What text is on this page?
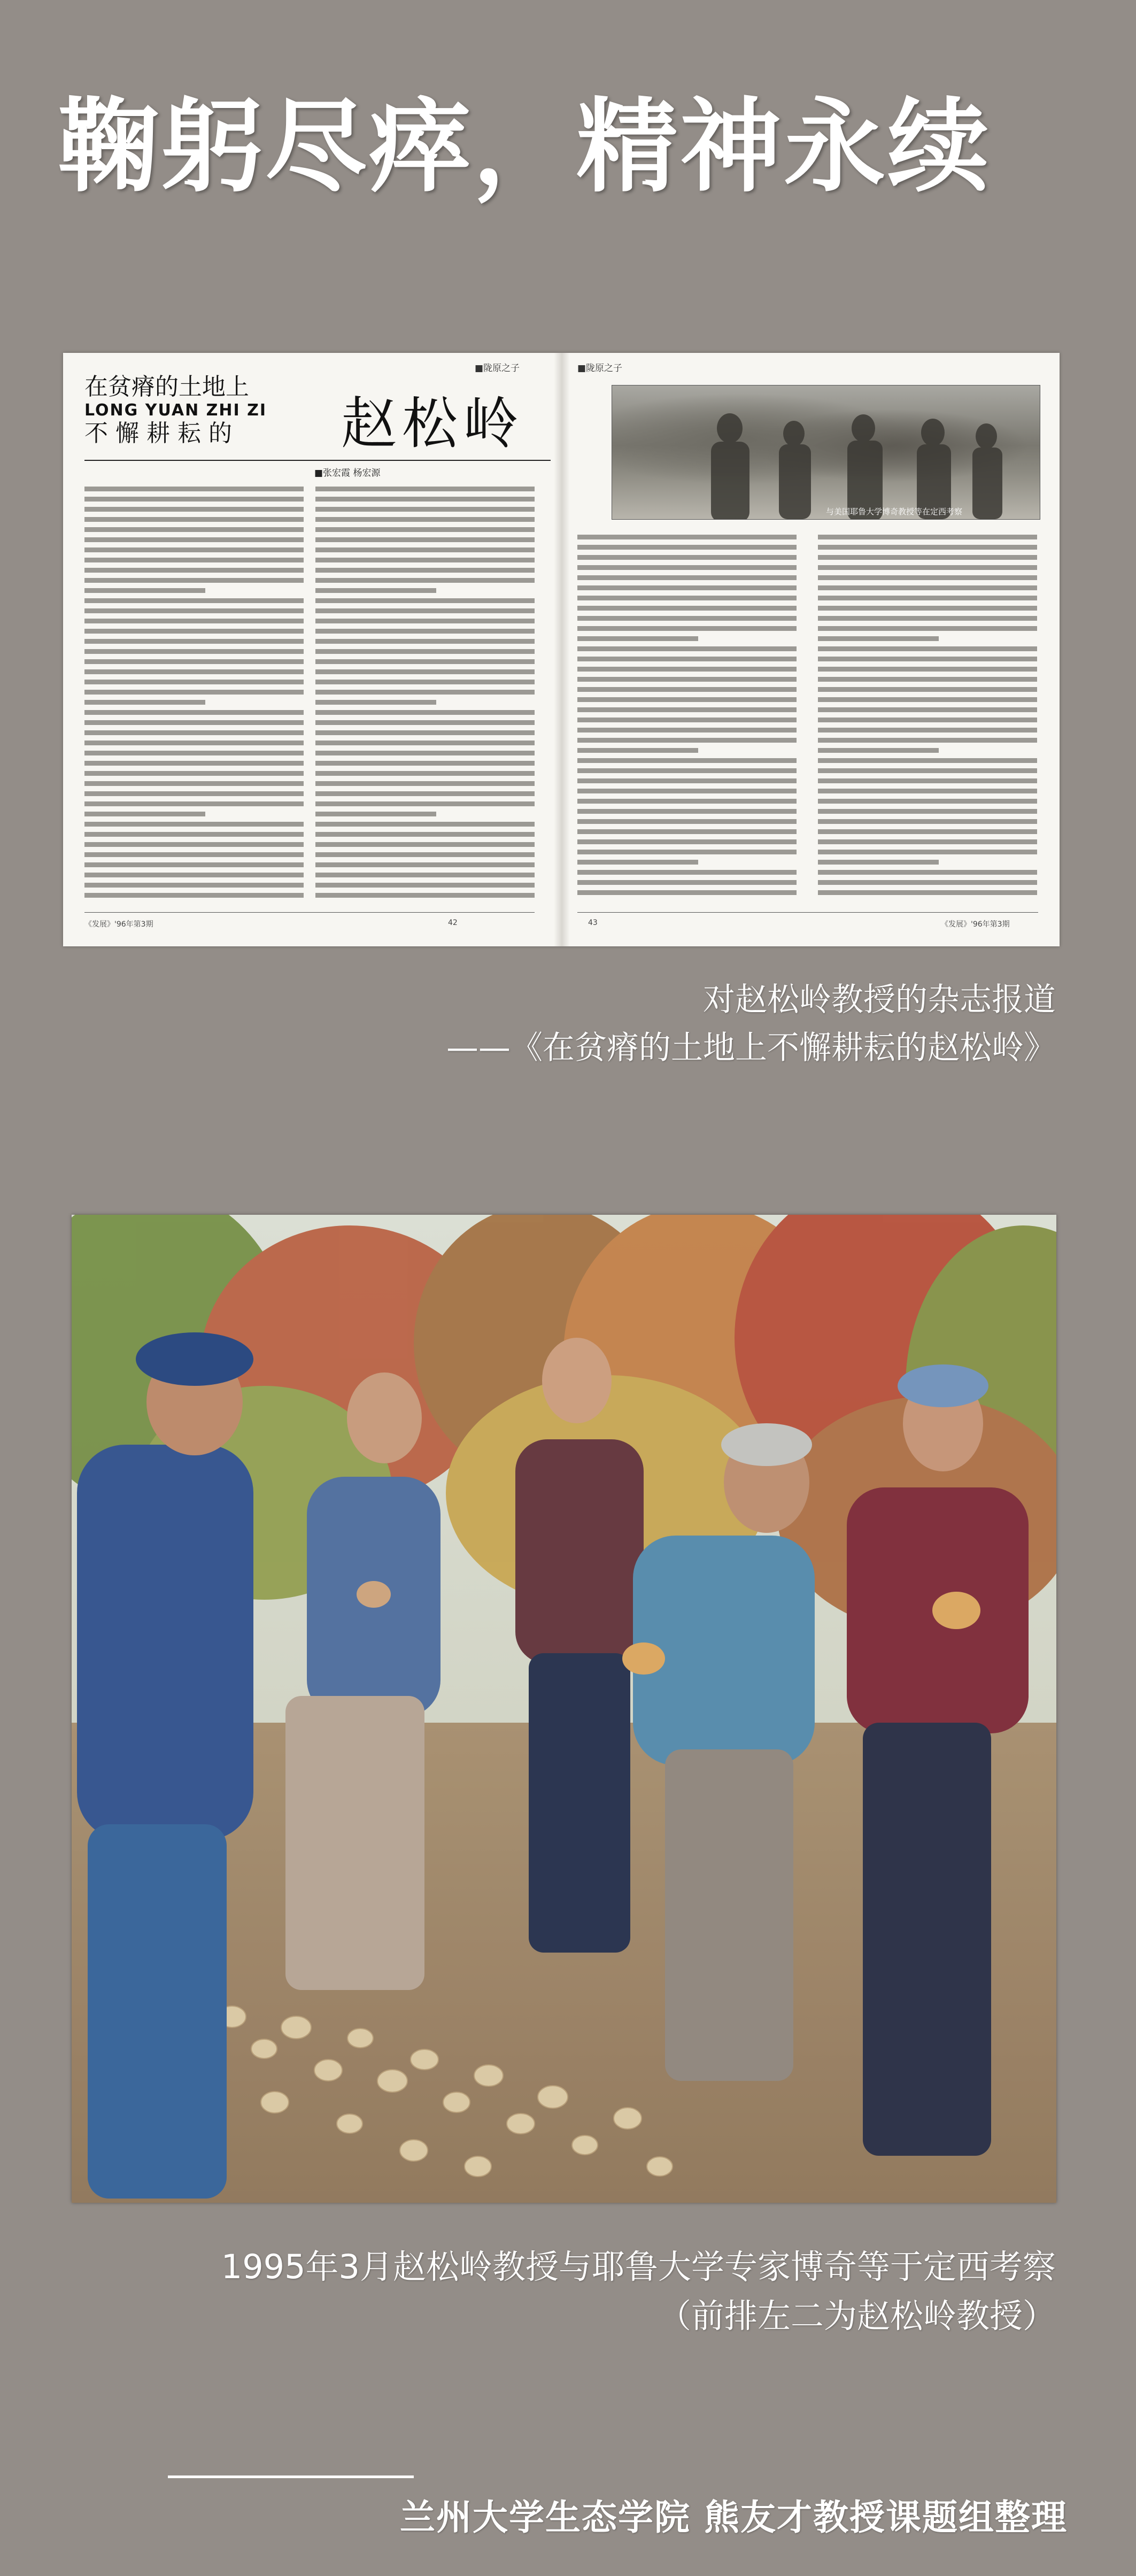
鞠躬尽瘁，精神永续
■陇原之子
在贫瘠的土地上
LONG YUAN ZHI ZI
不懈耕耘的	赵松岭
■张宏霞 杨宏源
《发展》'96年第3期	42
■陇原之子
与美国耶鲁大学博奇教授等在定西考察
43	《发展》'96年第3期
对赵松岭教授的杂志报道
——《在贫瘠的土地上不懈耕耘的赵松岭》
1995年3月赵松岭教授与耶鲁大学专家博奇等于定西考察
（前排左二为赵松岭教授）
兰州大学生态学院 熊友才教授课题组整理
